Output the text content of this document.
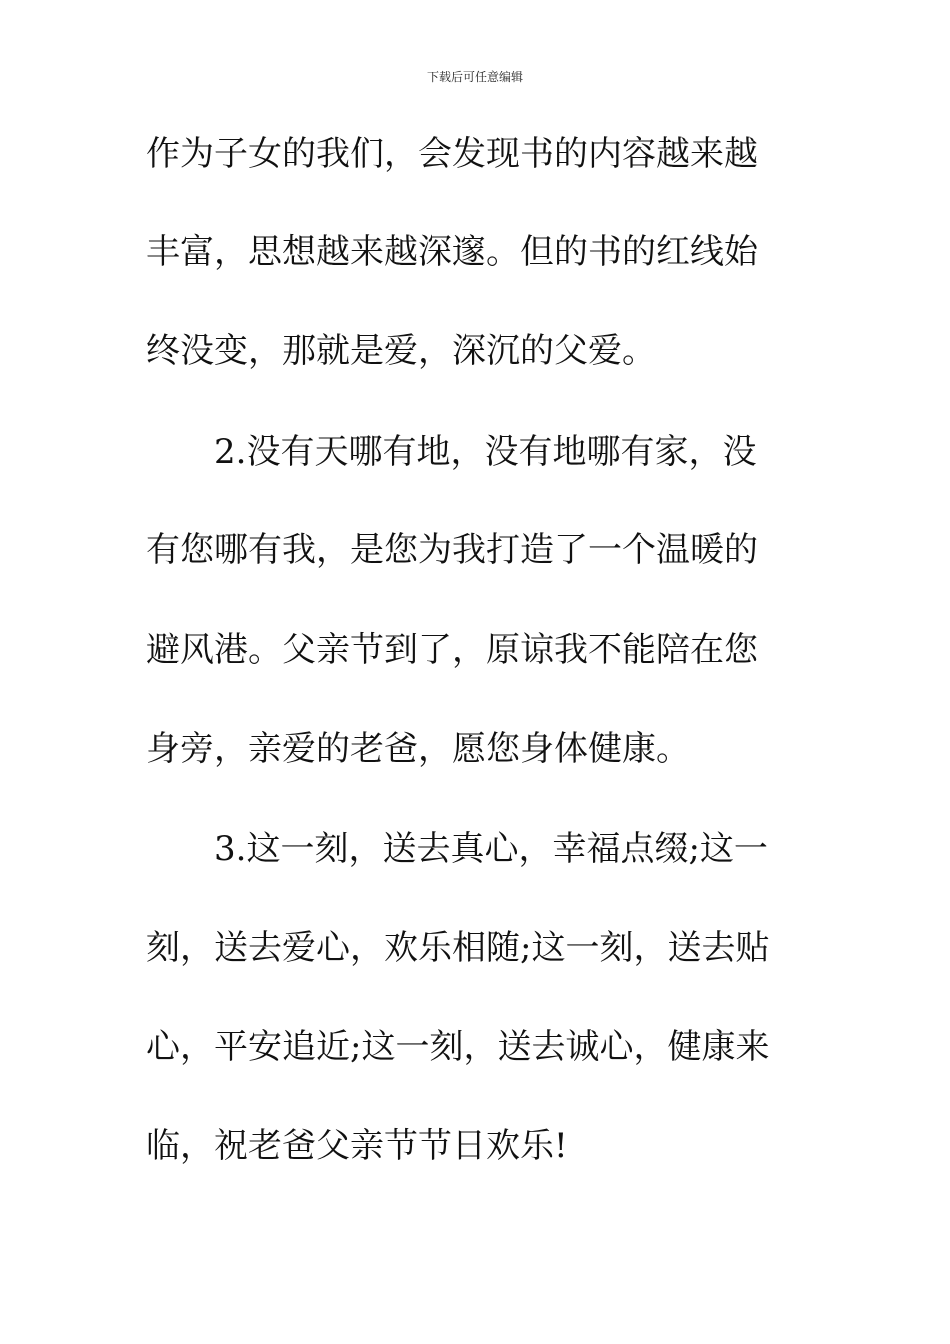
下载后可任意编辑
作为子女的我们，会发现书的内容越来越
丰富，思想越来越深邃。但的书的红线始
终没变，那就是爱，深沉的父爱。
2.没有天哪有地，没有地哪有家，没
有您哪有我，是您为我打造了一个温暖的
避风港。父亲节到了，原谅我不能陪在您
身旁，亲爱的老爸，愿您身体健康。
3.这一刻，送去真心，幸福点缀;这一
刻，送去爱心，欢乐相随;这一刻，送去贴
心，平安追近;这一刻，送去诚心，健康来
临，祝老爸父亲节节日欢乐!
